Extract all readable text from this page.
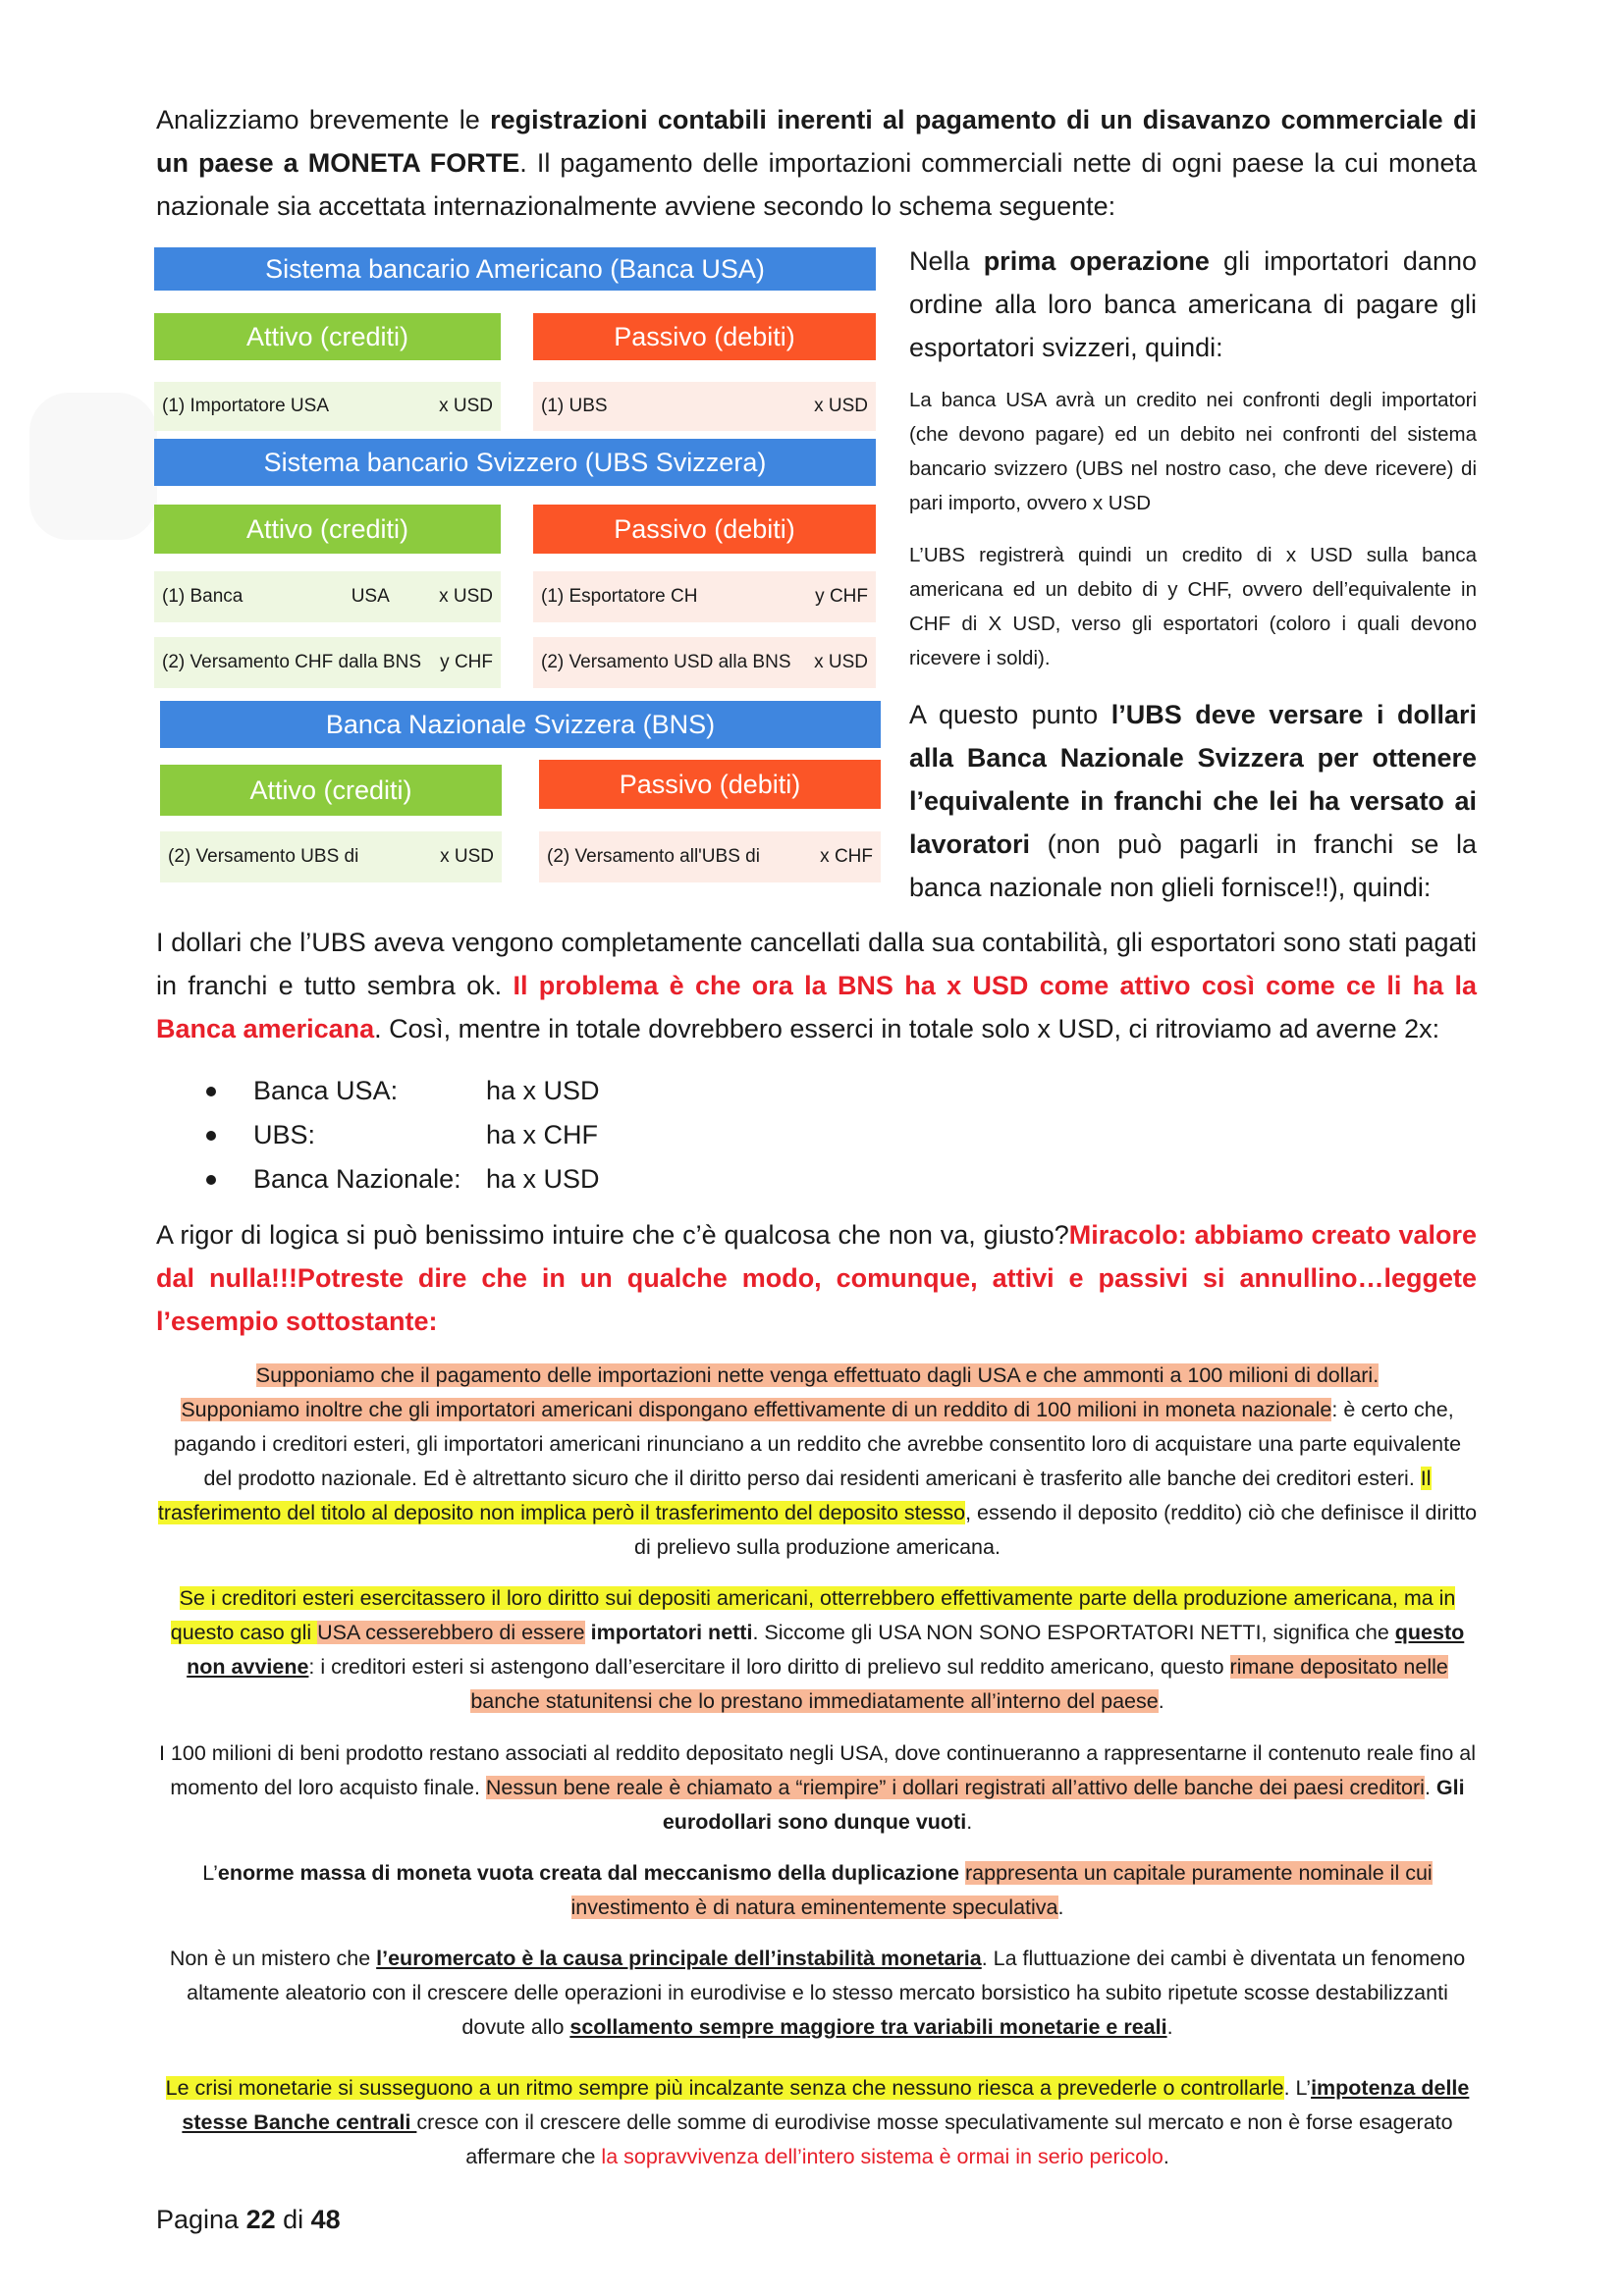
Analizziamo brevemente le registrazioni contabili inerenti al pagamento di un disavanzo commerciale di un paese a MONETA FORTE. Il pagamento delle importazioni commerciali nette di ogni paese la cui moneta nazionale sia accettata internazionalmente avviene secondo lo schema seguente:

Sistema bancario Americano (Banca USA)
Attivo (crediti)	Passivo (debiti)
(1) Importatore USA	x USD	(1) UBS	x USD
Sistema bancario Svizzero (UBS Svizzera)
Attivo (crediti)	Passivo (debiti)
(1) Banca	USA	x USD	(1) Esportatore CH	y CHF
(2) Versamento CHF dalla BNS y CHF	(2) Versamento USD alla BNS x USD
Banca Nazionale Svizzera (BNS)
Attivo (crediti)	Passivo (debiti)
(2) Versamento UBS di	x USD	(2) Versamento all'UBS di	x CHF

Nella prima operazione gli importatori danno ordine alla loro banca americana di pagare gli esportatori svizzeri, quindi:

La banca USA avrà un credito nei confronti degli importatori (che devono pagare) ed un debito nei confronti del sistema bancario svizzero (UBS nel nostro caso, che deve ricevere) di pari importo, ovvero x USD

L’UBS registrerà quindi un credito di x USD sulla banca americana ed un debito di y CHF, ovvero dell’equivalente in CHF di X USD, verso gli esportatori (coloro i quali devono ricevere i soldi).

A questo punto l’UBS deve versare i dollari alla Banca Nazionale Svizzera per ottenere l’equivalente in franchi che lei ha versato ai lavoratori (non può pagarli in franchi se la banca nazionale non glieli fornisce!!), quindi:

I dollari che l’UBS aveva vengono completamente cancellati dalla sua contabilità, gli esportatori sono stati pagati in franchi e tutto sembra ok. Il problema è che ora la BNS ha x USD come attivo così come ce li ha la Banca americana. Così, mentre in totale dovrebbero esserci in totale solo x USD, ci ritroviamo ad averne 2x:

Banca USA:	ha x USD
UBS:	ha x CHF
Banca Nazionale: ha x USD

A rigor di logica si può benissimo intuire che c’è qualcosa che non va, giusto?Miracolo: abbiamo creato valore dal nulla!!!Potreste dire che in un qualche modo, comunque, attivi e passivi si annullino…leggete l’esempio sottostante:

Supponiamo che il pagamento delle importazioni nette venga effettuato dagli USA e che ammonti a 100 milioni di dollari.
Supponiamo inoltre che gli importatori americani dispongano effettivamente di un reddito di 100 milioni in moneta nazionale: è certo che, pagando i creditori esteri, gli importatori americani rinunciano a un reddito che avrebbe consentito loro di acquistare una parte equivalente del prodotto nazionale. Ed è altrettanto sicuro che il diritto perso dai residenti americani è trasferito alle banche dei creditori esteri. Il trasferimento del titolo al deposito non implica però il trasferimento del deposito stesso, essendo il deposito (reddito) ciò che definisce il diritto di prelievo sulla produzione americana.

Se i creditori esteri esercitassero il loro diritto sui depositi americani, otterrebbero effettivamente parte della produzione americana, ma in questo caso gli USA cesserebbero di essere importatori netti. Siccome gli USA NON SONO ESPORTATORI NETTI, significa che questo non avviene: i creditori esteri si astengono dall’esercitare il loro diritto di prelievo sul reddito americano, questo rimane depositato nelle banche statunitensi che lo prestano immediatamente all’interno del paese.

I 100 milioni di beni prodotto restano associati al reddito depositato negli USA, dove continueranno a rappresentarne il contenuto reale fino al momento del loro acquisto finale. Nessun bene reale è chiamato a “riempire” i dollari registrati all’attivo delle banche dei paesi creditori. Gli eurodollari sono dunque vuoti.

L’enorme massa di moneta vuota creata dal meccanismo della duplicazione rappresenta un capitale puramente nominale il cui investimento è di natura eminentemente speculativa.

Non è un mistero che l’euromercato è la causa principale dell’instabilità monetaria. La fluttuazione dei cambi è diventata un fenomeno altamente aleatorio con il crescere delle operazioni in eurodivise e lo stesso mercato borsistico ha subito ripetute scosse destabilizzanti dovute allo scollamento sempre maggiore tra variabili monetarie e reali.

Le crisi monetarie si susseguono a un ritmo sempre più incalzante senza che nessuno riesca a prevederle o controllarle. L’impotenza delle stesse Banche centrali cresce con il crescere delle somme di eurodivise mosse speculativamente sul mercato e non è forse esagerato affermare che la sopravvivenza dell’intero sistema è ormai in serio pericolo.

Pagina 22 di 48
